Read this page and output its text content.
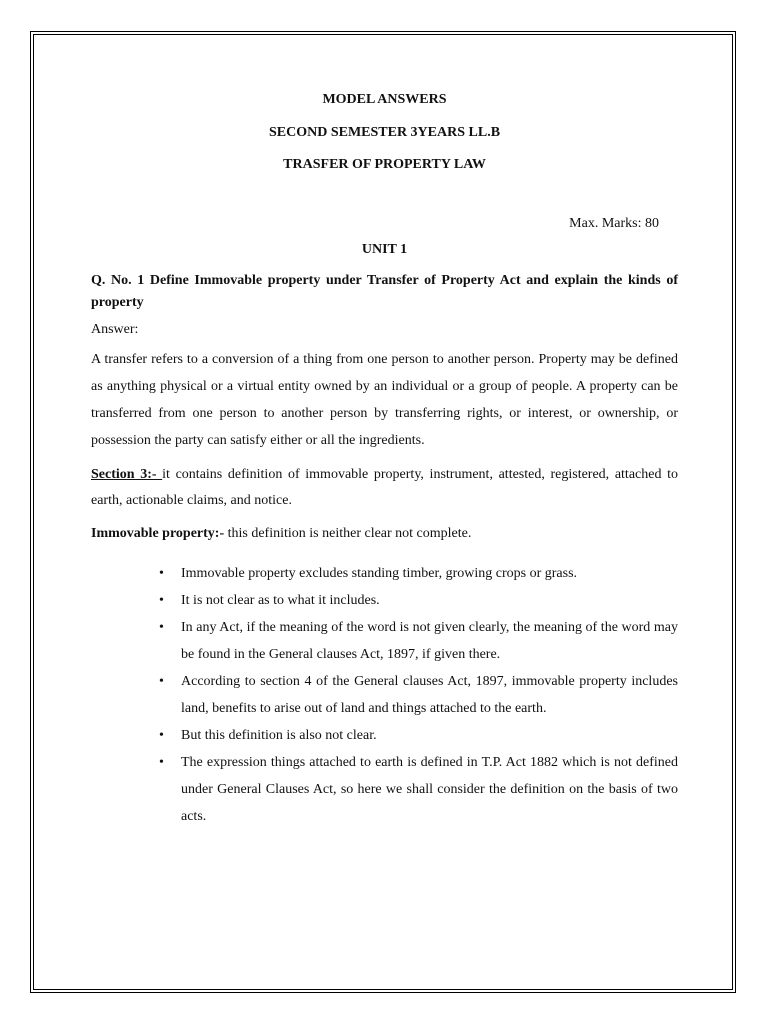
MODEL ANSWERS
SECOND SEMESTER 3YEARS LL.B
TRASFER OF PROPERTY LAW
Max. Marks: 80
UNIT 1
Q. No. 1 Define Immovable property under Transfer of Property Act and explain the kinds of property
Answer:
A transfer refers to a conversion of a thing from one person to another person. Property may be defined as anything physical or a virtual entity owned by an individual or a group of people. A property can be transferred from one person to another person by transferring rights, or interest, or ownership, or possession the party can satisfy either or all the ingredients.
Section 3:- it contains definition of immovable property, instrument, attested, registered, attached to earth, actionable claims, and notice.
Immovable property:- this definition is neither clear not complete.
• Immovable property excludes standing timber, growing crops or grass.
• It is not clear as to what it includes.
• In any Act, if the meaning of the word is not given clearly, the meaning of the word may be found in the General clauses Act, 1897, if given there.
• According to section 4 of the General clauses Act, 1897, immovable property includes land, benefits to arise out of land and things attached to the earth.
• But this definition is also not clear.
• The expression things attached to earth is defined in T.P. Act 1882 which is not defined under General Clauses Act, so here we shall consider the definition on the basis of two acts.
